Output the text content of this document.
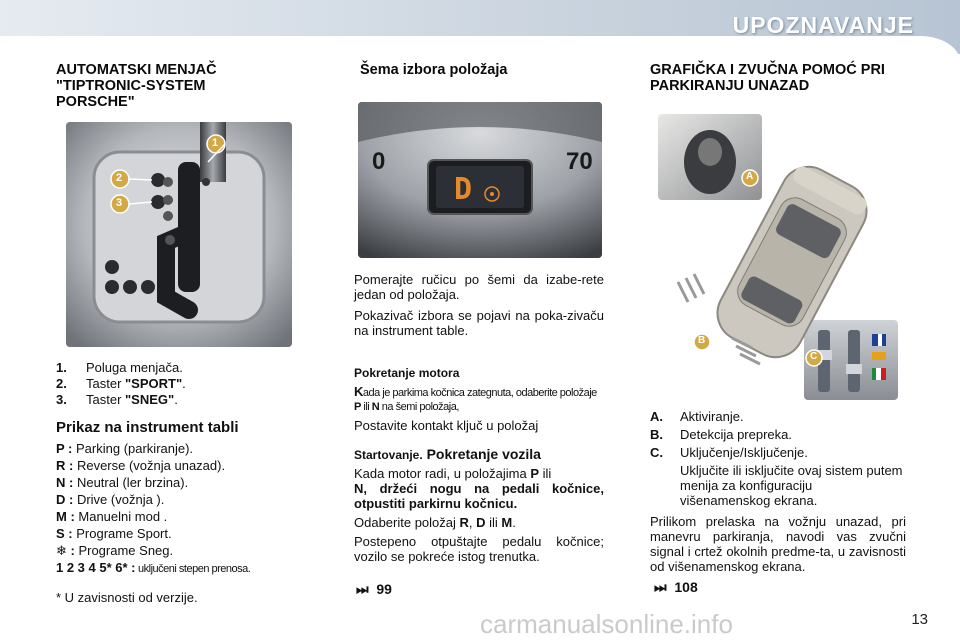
UPOZNAVANJE
AUTOMATSKI MENJAČ "TIPTRONIC-SYSTEM PORSCHE"
1
2
3
1.	Poluga menjača.
2.	Taster "SPORT".
3.	Taster "SNEG".
Prikaz na instrument tabli
P : Parking (parkiranje).
R : Reverse (vožnja unazad).
N : Neutral (ler brzina).
D : Drive (vožnja ).
M : Manuelni mod .
S : Programe Sport.
❄ : Programe Sneg.
1 2 3 4 5* 6* : uključeni stepen prenosa.

* U zavisnosti od verzije.

Šema izbora položaja
0	70
D

Pomerajte ručicu po šemi da izabe-rete jedan od položaja.

Pokazivač izbora se pojavi na poka-zivaču na instrument table.

Pokretanje motora

Kada je parkima kočnica zategnuta, odaberite položaje P ili N na šemi položaja,

Postavite kontakt ključ u položaj

Startovanje. Pokretanje vozila

Kada motor radi, u položajima P ili
N, držeći nogu na pedali kočnice, otpustiti parkirnu kočnicu.

Odaberite položaj R, D ili M.

Postepeno otpuštajte pedalu kočnice; vozilo se pokreće istog trenutka.

⏭ 99
GRAFIČKA I ZVUČNA POMOĆ PRI PARKIRANJU UNAZAD
A
B
C
A.	Aktiviranje.
B.	Detekcija prepreka.
C.	Uključenje/Isključenje.

Uključite ili isključite ovaj sistem putem menija za konfiguraciju višenamenskog ekrana.

Prilikom prelaska na vožnju unazad, pri manevru parkiranja, navodi vas zvučni signal i crtež okolnih predme-ta, u zavisnosti od višenamenskog ekrana.

⏭ 108
13
carmanualsonline.info
